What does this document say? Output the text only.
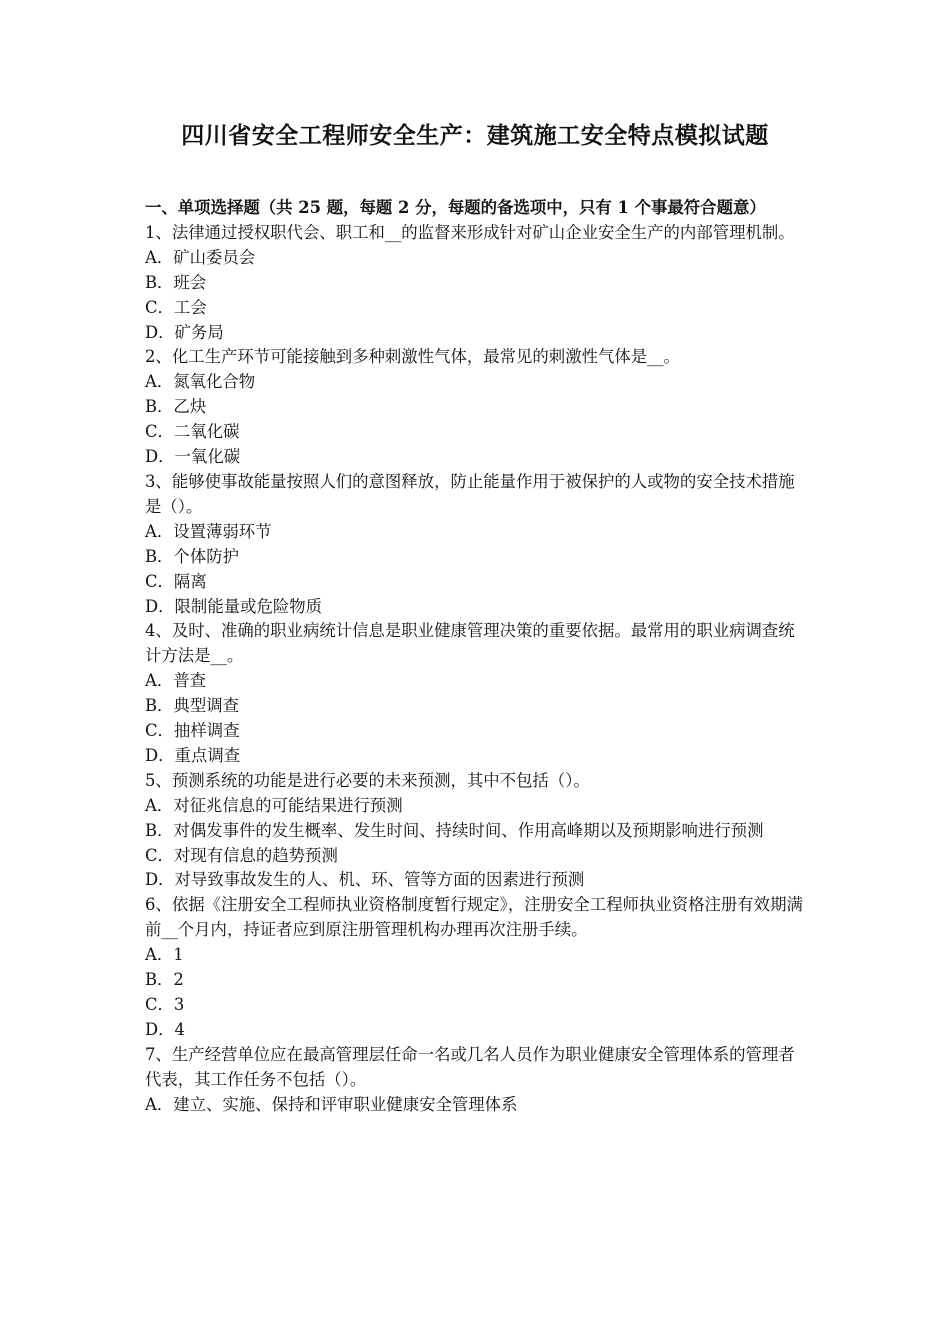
四川省安全工程师安全生产：建筑施工安全特点模拟试题

一、单项选择题（共 25 题，每题 2 分，每题的备选项中，只有 1 个事最符合题意）

1、法律通过授权职代会、职工和__的监督来形成针对矿山企业安全生产的内部管理机制。

A．矿山委员会

B．班会

C．工会

D．矿务局

2、化工生产环节可能接触到多种刺激性气体，最常见的刺激性气体是__。

A．氮氧化合物

B．乙炔

C．二氧化碳

D．一氧化碳

3、能够使事故能量按照人们的意图释放，防止能量作用于被保护的人或物的安全技术措施是（）。

A．设置薄弱环节

B．个体防护

C．隔离

D．限制能量或危险物质

4、及时、准确的职业病统计信息是职业健康管理决策的重要依据。最常用的职业病调查统计方法是__。

A．普查

B．典型调查

C．抽样调查

D．重点调查

5、预测系统的功能是进行必要的未来预测，其中不包括（）。

A．对征兆信息的可能结果进行预测

B．对偶发事件的发生概率、发生时间、持续时间、作用高峰期以及预期影响进行预测

C．对现有信息的趋势预测

D．对导致事故发生的人、机、环、管等方面的因素进行预测

6、依据《注册安全工程师执业资格制度暂行规定》，注册安全工程师执业资格注册有效期满前__个月内，持证者应到原注册管理机构办理再次注册手续。

A．1

B．2

C．3

D．4

7、生产经营单位应在最高管理层任命一名或几名人员作为职业健康安全管理体系的管理者代表，其工作任务不包括（）。

A．建立、实施、保持和评审职业健康安全管理体系
